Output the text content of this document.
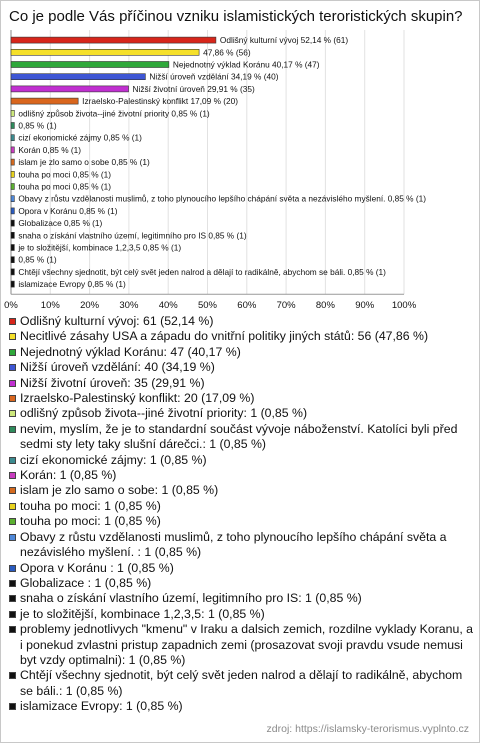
Co je podle Vás příčinou vzniku islamistických teroristických skupin?
0% 10% 20% 30% 40% 50% 60% 70% 80% 90% 100%
Odlišný kulturní vývoj 52,14 % (61)
47,86 % (56)
Nejednotný výklad Koránu 40,17 % (47)
Nižší úroveň vzdělání 34,19 % (40)
Nižší životní úroveň 29,91 % (35)
Izraelsko-Palestinský konflikt 17,09 % (20)
odlišný způsob života--jiné životní priority 0,85 % (1)
0,85 % (1)
cizí ekonomické zájmy 0,85 % (1)
Korán 0,85 % (1)
islam je zlo samo o sobe 0,85 % (1)
touha po moci 0,85 % (1)
touha po moci 0,85 % (1)
Obavy z růstu vzdělanosti muslimů, z toho plynoucího lepšího chápání světa a nezávislého myšlení. 0,85 % (1)
Opora v Koránu 0,85 % (1)
Globalizace 0,85 % (1)
snaha o získání vlastního území, legitimního pro IS 0,85 % (1)
je to složitější, kombinace 1,2,3,5 0,85 % (1)
0,85 % (1)
Chtějí všechny sjednotit, být celý svět jeden nalrod a dělají to radikálně, abychom se báli. 0,85 % (1)
islamizace Evropy 0,85 % (1)
Odlišný kulturní vývoj: 61 (52,14 %)
Necitlivé zásahy USA a západu do vnitřní politiky jiných států: 56 (47,86 %)
Nejednotný výklad Koránu: 47 (40,17 %)
Nižší úroveň vzdělání: 40 (34,19 %)
Nižší životní úroveň: 35 (29,91 %)
Izraelsko-Palestinský konflikt: 20 (17,09 %)
odlišný způsob života--jiné životní priority: 1 (0,85 %)
nevim, myslím, že je to standardní součást vývoje náboženství. Katolíci byli před sedmi sty lety taky slušní dárečci.: 1 (0,85 %)
cizí ekonomické zájmy: 1 (0,85 %)
Korán: 1 (0,85 %)
islam je zlo samo o sobe: 1 (0,85 %)
touha po moci: 1 (0,85 %)
touha po moci: 1 (0,85 %)
Obavy z růstu vzdělanosti muslimů, z toho plynoucího lepšího chápání světa a nezávislého myšlení. : 1 (0,85 %)
Opora v Koránu : 1 (0,85 %)
Globalizace : 1 (0,85 %)
snaha o získání vlastního území, legitimního pro IS: 1 (0,85 %)
je to složitější, kombinace 1,2,3,5: 1 (0,85 %)
problemy jednotlivych "kmenu" v Iraku a dalsich zemich, rozdilne vyklady Koranu, a i ponekud zvlastni pristup zapadnich zemi (prosazovat svoji pravdu vsude nemusi byt vzdy optimalni): 1 (0,85 %)
Chtějí všechny sjednotit, být celý svět jeden nalrod a dělají to radikálně, abychom se báli.: 1 (0,85 %)
islamizace Evropy: 1 (0,85 %)
zdroj: https://islamsky-terorismus.vyplnto.cz
